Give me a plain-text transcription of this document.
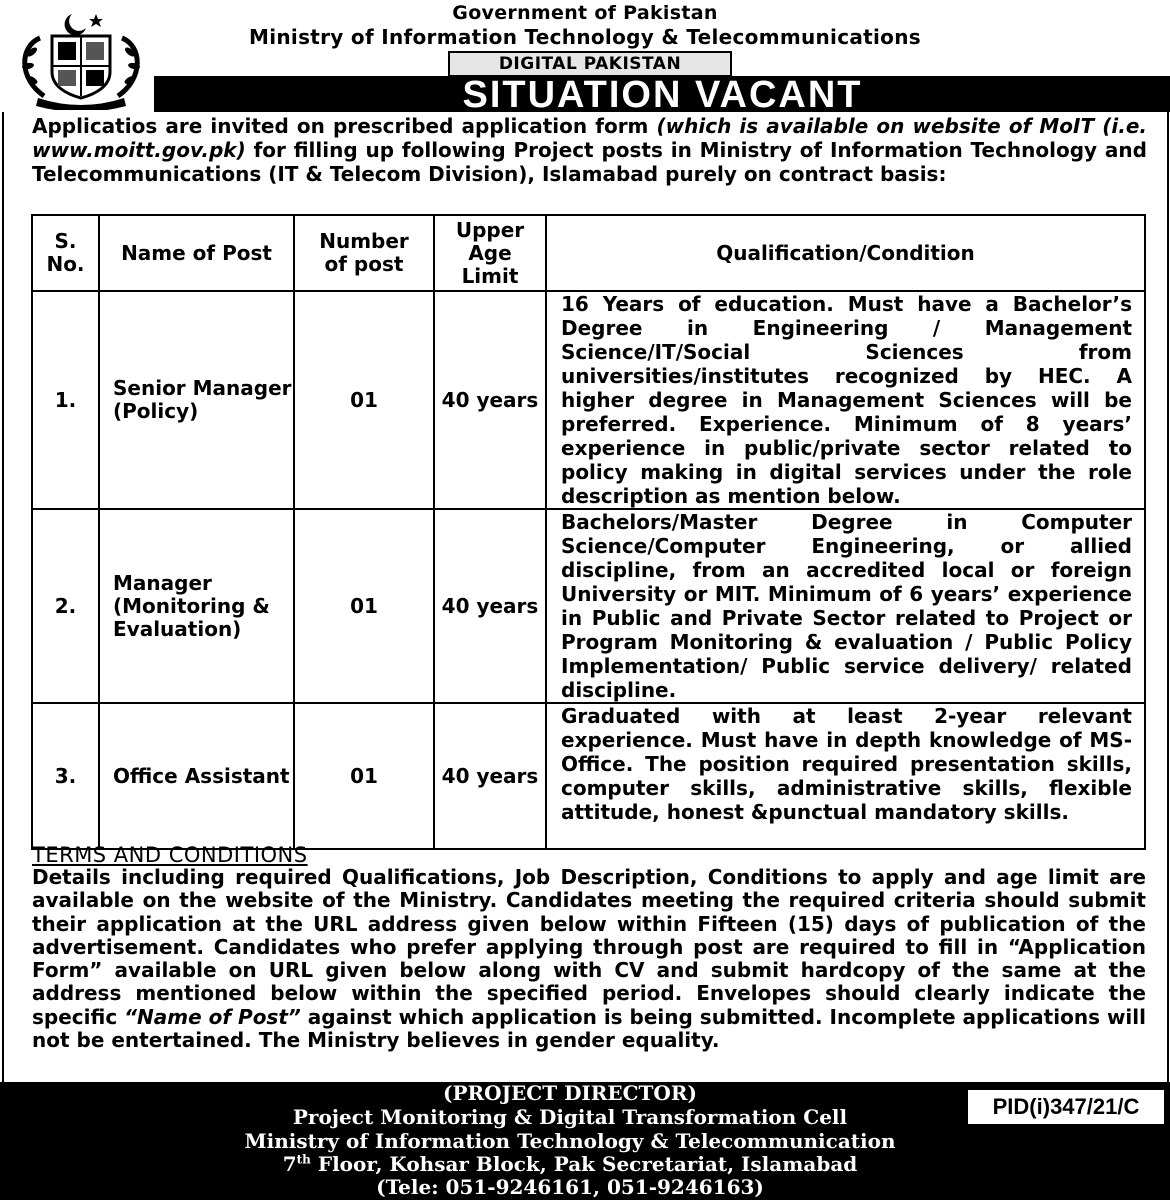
Government of Pakistan
Ministry of Information Technology & Telecommunications
DIGITAL PAKISTAN
SITUATION VACANT
Applicatios are invited on prescribed application form (which is available on website of MoIT (i.e. www.moitt.gov.pk) for filling up following Project posts in Ministry of Information Technology and Telecommunications (IT & Telecom Division), Islamabad purely on contract basis:
S. No.	Name of Post	Number of post	Upper Age Limit	Qualification/Condition
1.	Senior Manager (Policy)	01	40 years	16 Years of education. Must have a Bachelor’s Degree in Engineering / Management Science/IT/Social Sciences from universities/institutes recognized by HEC. A higher degree in Management Sciences will be preferred. Experience. Minimum of 8 years’ experience in public/private sector related to policy making in digital services under the role description as mention below.
2.	Manager (Monitoring & Evaluation)	01	40 years	Bachelors/Master Degree in Computer Science/Computer Engineering, or allied discipline, from an accredited local or foreign University or MIT. Minimum of 6 years’ experience in Public and Private Sector related to Project or Program Monitoring & evaluation / Public Policy Implementation/ Public service delivery/ related discipline.
3.	Office Assistant	01	40 years	Graduated with at least 2-year relevant experience. Must have in depth knowledge of MS-Office. The position required presentation skills, computer skills, administrative skills, flexible attitude, honest &punctual mandatory skills.
TERMS AND CONDITIONS
Details including required Qualifications, Job Description, Conditions to apply and age limit are available on the website of the Ministry. Candidates meeting the required criteria should submit their application at the URL address given below within Fifteen (15) days of publication of the advertisement. Candidates who prefer applying through post are required to fill in “Application Form” available on URL given below along with CV and submit hardcopy of the same at the address mentioned below within the specified period. Envelopes should clearly indicate the specific “Name of Post” against which application is being submitted. Incomplete applications will not be entertained. The Ministry believes in gender equality.
(PROJECT DIRECTOR)
Project Monitoring & Digital Transformation Cell
Ministry of Information Technology & Telecommunication
7th Floor, Kohsar Block, Pak Secretariat, Islamabad
(Tele: 051-9246161, 051-9246163)
PID(i)347/21/C
